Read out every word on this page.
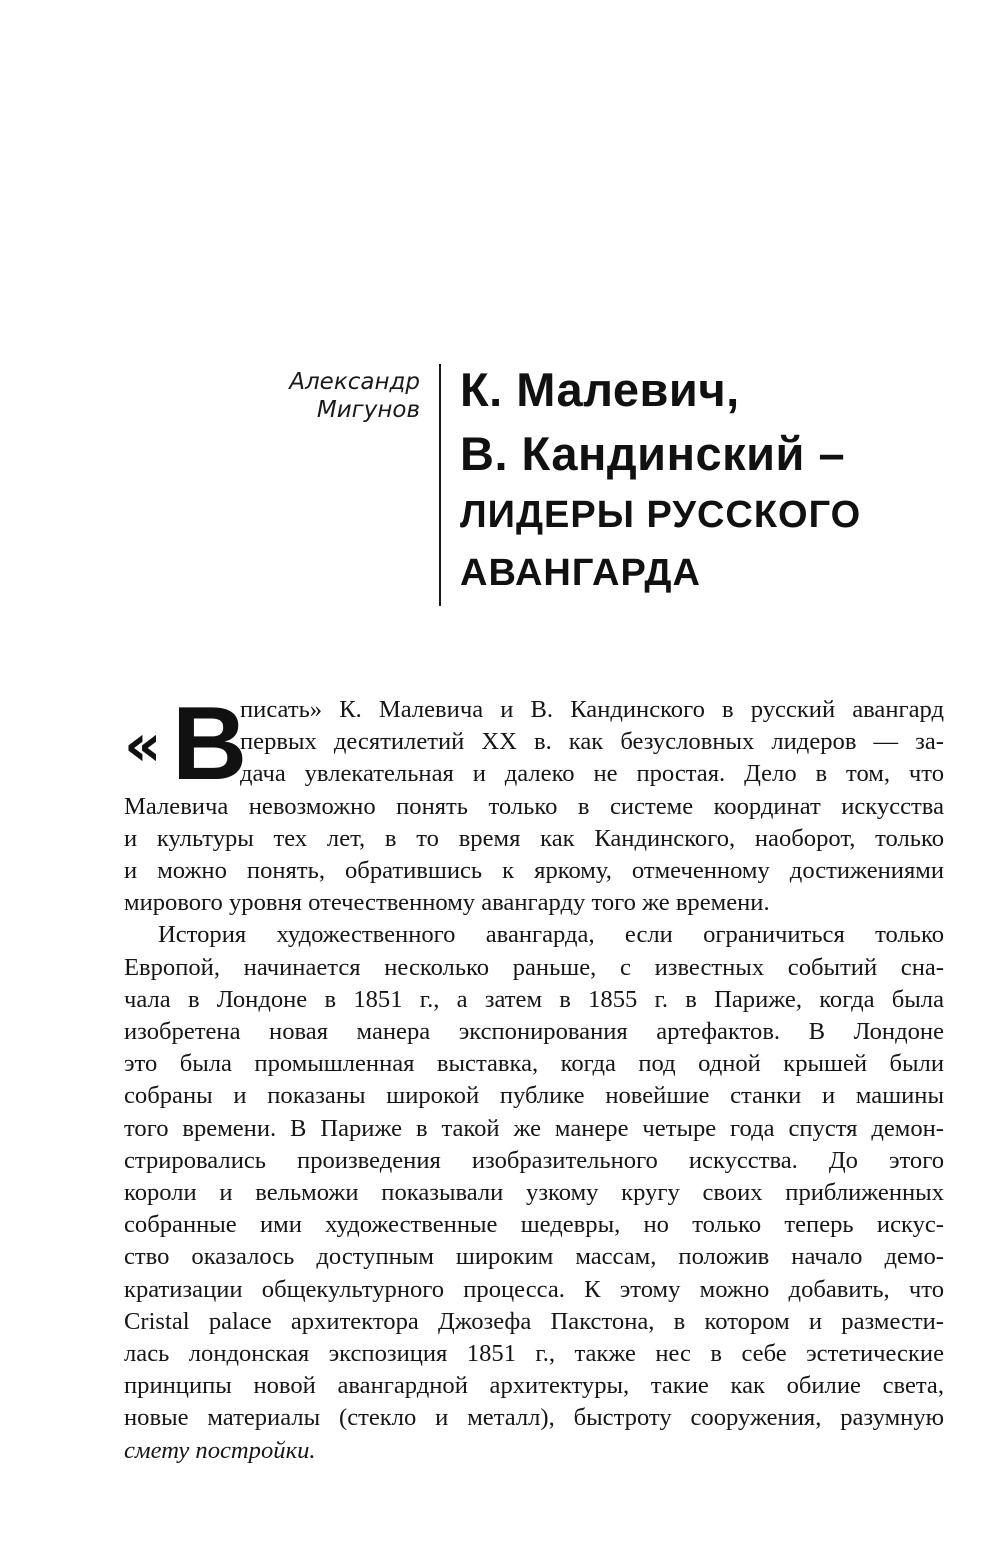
Александр
Мигунов К. Малевич,
В. Кандинский –
ЛИДЕРЫ РУССКОГО
АВАНГАРДА
« В

писать» К. Малевича и В. Кандинского в русский авангард
первых десятилетий XX в. как безусловных лидеров — за-
дача увлекательная и далеко не простая. Дело в том, что
Малевича невозможно понять только в системе координат искусства
и культуры тех лет, в то время как Кандинского, наоборот, только
и можно понять, обратившись к яркому, отмеченному достижениями
мирового уровня отечественному авангарду того же времени.

История художественного авангарда, если ограничиться только
Европой, начинается несколько раньше, с известных событий сна-
чала в Лондоне в 1851 г., а затем в 1855 г. в Париже, когда была
изобретена новая манера экспонирования артефактов. В Лондоне
это была промышленная выставка, когда под одной крышей были
собраны и показаны широкой публике новейшие станки и машины
того времени. В Париже в такой же манере четыре года спустя демон-
стрировались произведения изобразительного искусства. До этого
короли и вельможи показывали узкому кругу своих приближенных
собранные ими художественные шедевры, но только теперь искус-
ство оказалось доступным широким массам, положив начало демо-
кратизации общекультурного процесса. К этому можно добавить, что
Cristal palace архитектора Джозефа Пакстона, в котором и размести-
лась лондонская экспозиция 1851 г., также нес в себе эстетические
принципы новой авангардной архитектуры, такие как обилие света,
новые материалы (стекло и металл), быстроту сооружения, разумную
смету постройки.
